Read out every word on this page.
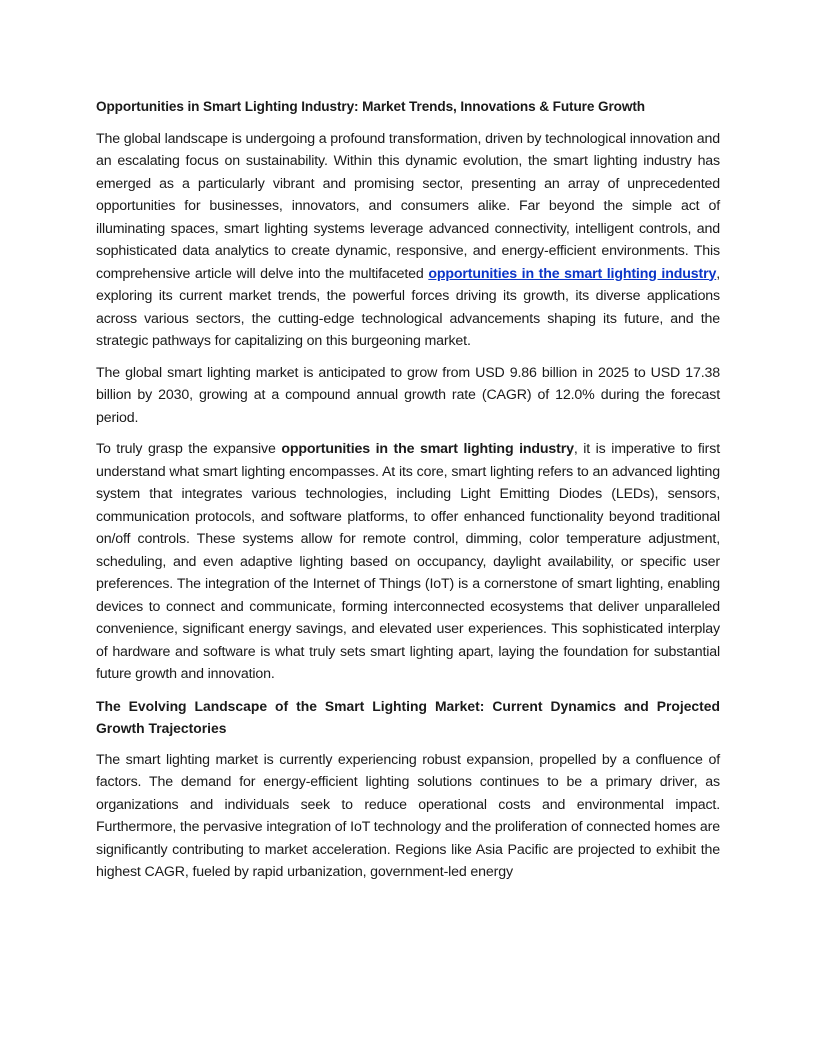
Opportunities in Smart Lighting Industry: Market Trends, Innovations & Future Growth

The global landscape is undergoing a profound transformation, driven by technological innovation and an escalating focus on sustainability. Within this dynamic evolution, the smart lighting industry has emerged as a particularly vibrant and promising sector, presenting an array of unprecedented opportunities for businesses, innovators, and consumers alike. Far beyond the simple act of illuminating spaces, smart lighting systems leverage advanced connectivity, intelligent controls, and sophisticated data analytics to create dynamic, responsive, and energy-efficient environments. This comprehensive article will delve into the multifaceted opportunities in the smart lighting industry, exploring its current market trends, the powerful forces driving its growth, its diverse applications across various sectors, the cutting-edge technological advancements shaping its future, and the strategic pathways for capitalizing on this burgeoning market.

The global smart lighting market is anticipated to grow from USD 9.86 billion in 2025 to USD 17.38 billion by 2030, growing at a compound annual growth rate (CAGR) of 12.0% during the forecast period.

To truly grasp the expansive opportunities in the smart lighting industry, it is imperative to first understand what smart lighting encompasses. At its core, smart lighting refers to an advanced lighting system that integrates various technologies, including Light Emitting Diodes (LEDs), sensors, communication protocols, and software platforms, to offer enhanced functionality beyond traditional on/off controls. These systems allow for remote control, dimming, color temperature adjustment, scheduling, and even adaptive lighting based on occupancy, daylight availability, or specific user preferences. The integration of the Internet of Things (IoT) is a cornerstone of smart lighting, enabling devices to connect and communicate, forming interconnected ecosystems that deliver unparalleled convenience, significant energy savings, and elevated user experiences. This sophisticated interplay of hardware and software is what truly sets smart lighting apart, laying the foundation for substantial future growth and innovation.

The Evolving Landscape of the Smart Lighting Market: Current Dynamics and Projected Growth Trajectories

The smart lighting market is currently experiencing robust expansion, propelled by a confluence of factors. The demand for energy-efficient lighting solutions continues to be a primary driver, as organizations and individuals seek to reduce operational costs and environmental impact. Furthermore, the pervasive integration of IoT technology and the proliferation of connected homes are significantly contributing to market acceleration. Regions like Asia Pacific are projected to exhibit the highest CAGR, fueled by rapid urbanization, government-led energy
